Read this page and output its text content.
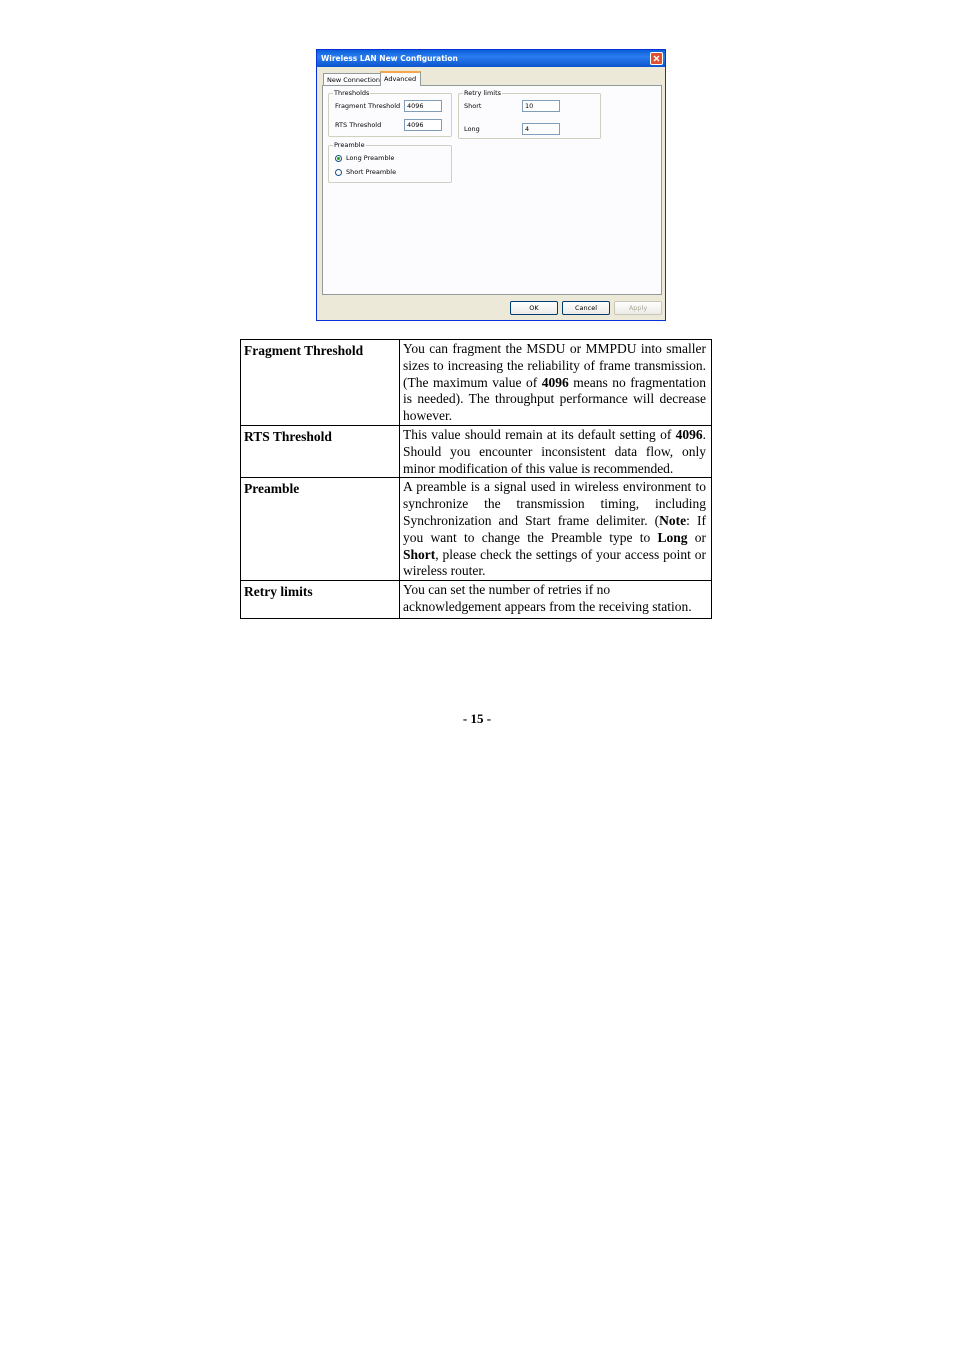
Wireless LAN New Configuration
New Connection Advanced
Thresholds
Fragment Threshold	4096
RTS Threshold	4096
Retry limits
Short	10
Long	4
Preamble
Long Preamble
Short Preamble
OK	Cancel	Apply
Fragment Threshold	You can fragment the MSDU or MMPDU into smaller sizes to increasing the reliability of frame transmission. (The maximum value of 4096 means no fragmentation is needed). The throughput performance will decrease however.
RTS Threshold	This value should remain at its default setting of 4096. Should you encounter inconsistent data flow, only minor modification of this value is recommended.
Preamble	A preamble is a signal used in wireless environment to synchronize the transmission timing, including Synchronization and Start frame delimiter. (Note: If you want to change the Preamble type to Long or Short, please check the settings of your access point or wireless router.
Retry limits	You can set the number of retries if no acknowledgement appears from the receiving station.
- 15 -
